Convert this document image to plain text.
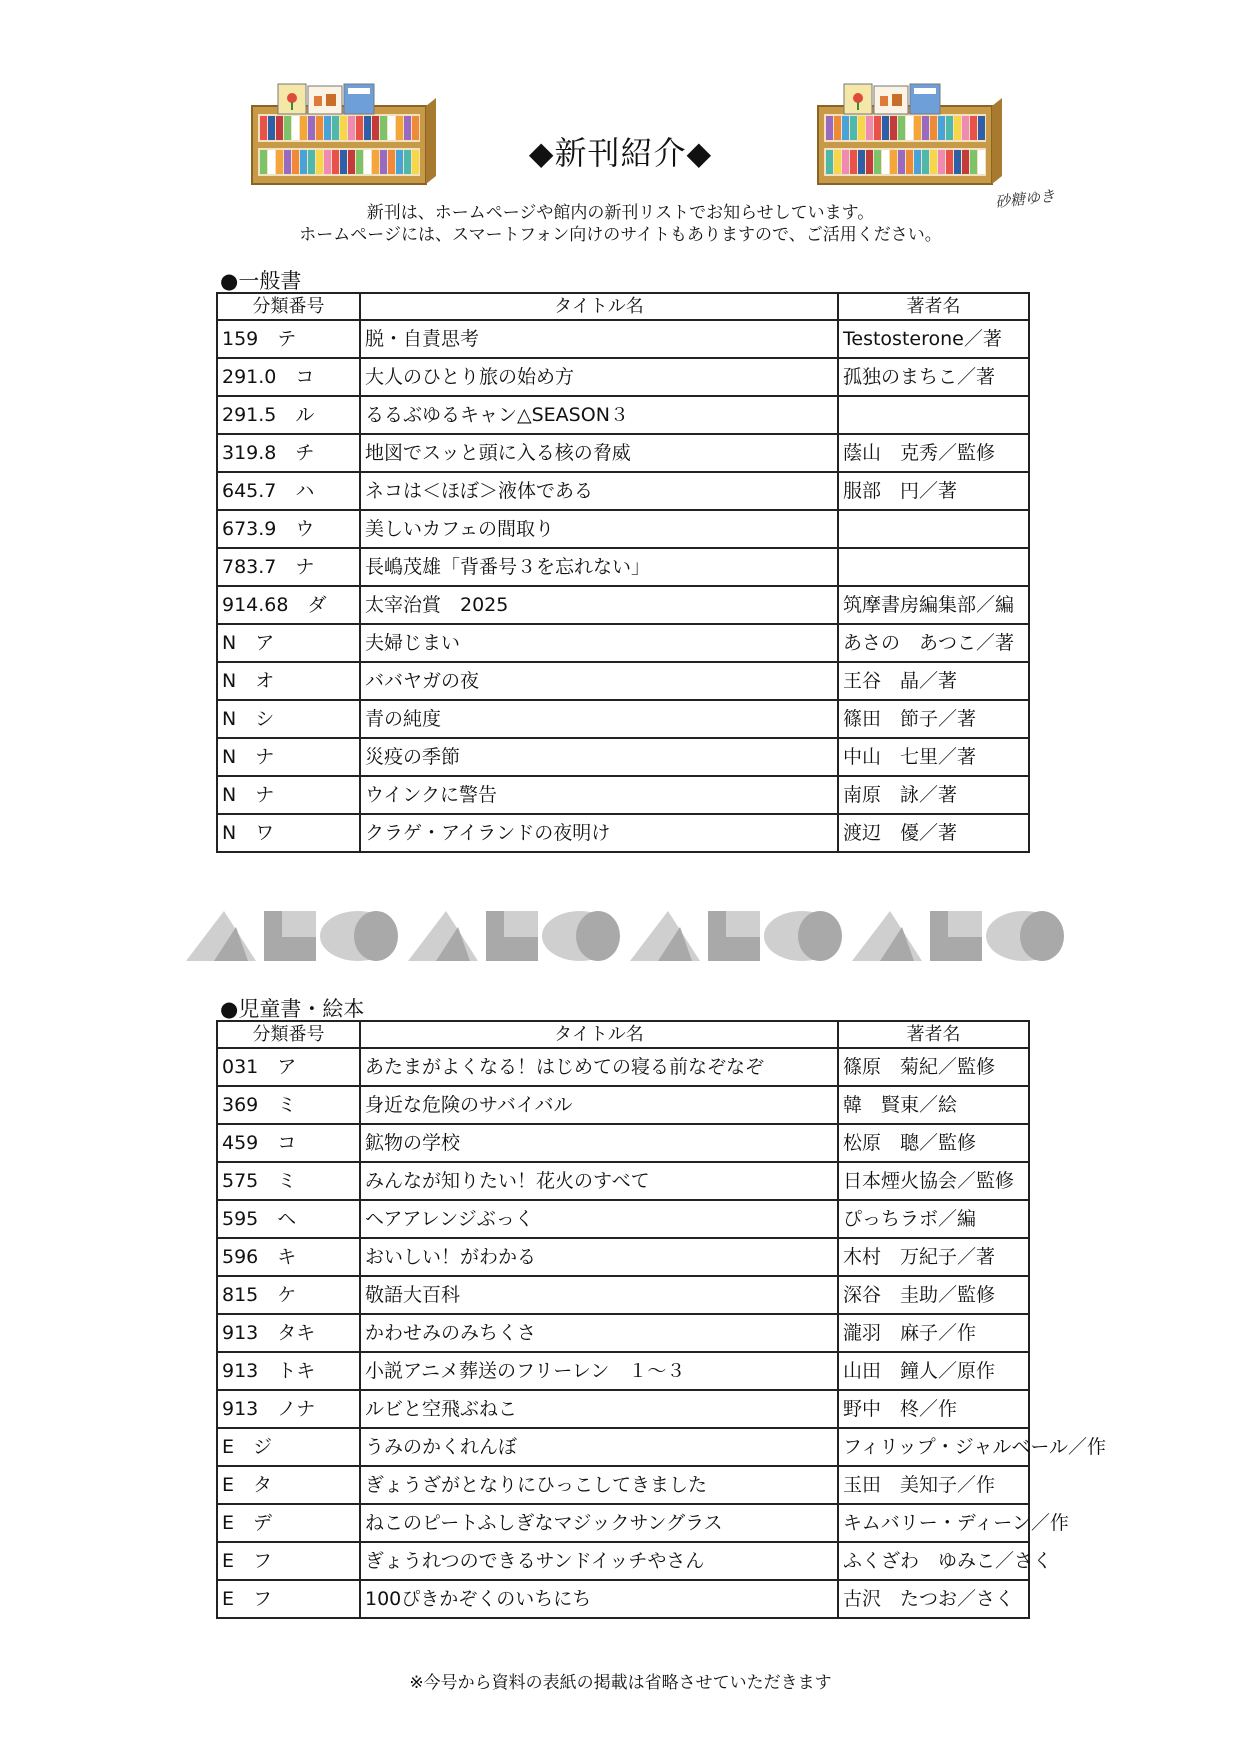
砂糖ゆき
◆新刊紹介◆
新刊は、ホームページや館内の新刊リストでお知らせしています。
ホームページには、スマートフォン向けのサイトもありますので、ご活用ください。
●一般書
分類番号	タイトル名	著者名
159　テ	脱・自責思考	Testosterone／著
291.0　コ	大人のひとり旅の始め方	孤独のまちこ／著
291.5　ル	るるぶゆるキャン△SEASON３	
319.8　チ	地図でスッと頭に入る核の脅威	蔭山　克秀／監修
645.7　ハ	ネコは＜ほぼ＞液体である	服部　円／著
673.9　ウ	美しいカフェの間取り	
783.7　ナ	長嶋茂雄「背番号３を忘れない」	
914.68　ダ	太宰治賞　2025	筑摩書房編集部／編
N　ア	夫婦じまい	あさの　あつこ／著
N　オ	ババヤガの夜	王谷　晶／著
N　シ	青の純度	篠田　節子／著
N　ナ	災疫の季節	中山　七里／著
N　ナ	ウインクに警告	南原　詠／著
N　ワ	クラゲ・アイランドの夜明け	渡辺　優／著
●児童書・絵本
分類番号	タイトル名	著者名
031　ア	あたまがよくなる！はじめての寝る前なぞなぞ	篠原　菊紀／監修
369　ミ	身近な危険のサバイバル	韓　賢東／絵
459　コ	鉱物の学校	松原　聰／監修
575　ミ	みんなが知りたい！花火のすべて	日本煙火協会／監修
595　ヘ	ヘアアレンジぶっく	ぴっちラボ／編
596　キ	おいしい！がわかる	木村　万紀子／著
815　ケ	敬語大百科	深谷　圭助／監修
913　タキ	かわせみのみちくさ	瀧羽　麻子／作
913　トキ	小説アニメ葬送のフリーレン　１～３	山田　鐘人／原作
913　ノナ	ルビと空飛ぶねこ	野中　柊／作
E　ジ	うみのかくれんぼ	フィリップ・ジャルベール／作
E　タ	ぎょうざがとなりにひっこしてきました	玉田　美知子／作
E　デ	ねこのピートふしぎなマジックサングラス	キムバリー・ディーン／作
E　フ	ぎょうれつのできるサンドイッチやさん	ふくざわ　ゆみこ／さく
E　フ	100ぴきかぞくのいちにち	古沢　たつお／さく
※今号から資料の表紙の掲載は省略させていただきます
